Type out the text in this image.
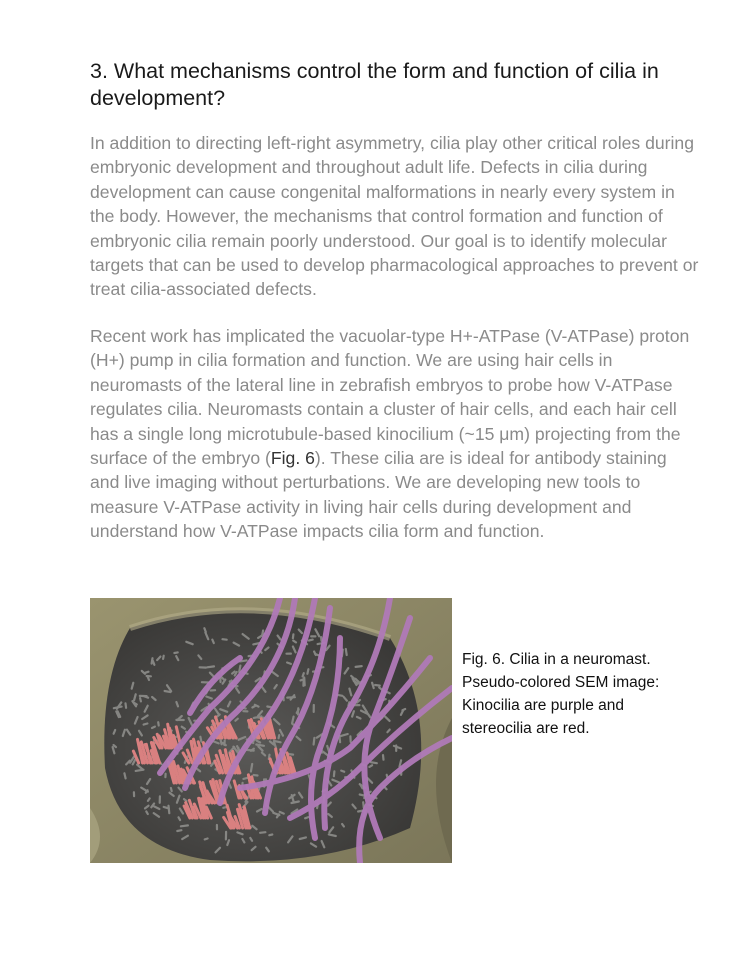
3. What mechanisms control the form and function of cilia in development?

In addition to directing left-right asymmetry, cilia play other critical roles during embryonic development and throughout adult life. Defects in cilia during development can cause congenital malformations in nearly every system in the body. However, the mechanisms that control formation and function of embryonic cilia remain poorly understood. Our goal is to identify molecular targets that can be used to develop pharmacological approaches to prevent or treat cilia-associated defects.

Recent work has implicated the vacuolar-type H+-ATPase (V-ATPase) proton (H+) pump in cilia formation and function. We are using hair cells in neuromasts of the lateral line in zebrafish embryos to probe how V-ATPase regulates cilia. Neuromasts contain a cluster of hair cells, and each hair cell has a single long microtubule-based kinocilium (~15 μm) projecting from the surface of the embryo (Fig. 6). These cilia are is ideal for antibody staining and live imaging without perturbations. We are developing new tools to measure V-ATPase activity in living hair cells during development and understand how V-ATPase impacts cilia form and function.

Fig. 6. Cilia in a neuromast.
Pseudo-colored SEM image:
Kinocilia are purple and
stereocilia are red.
